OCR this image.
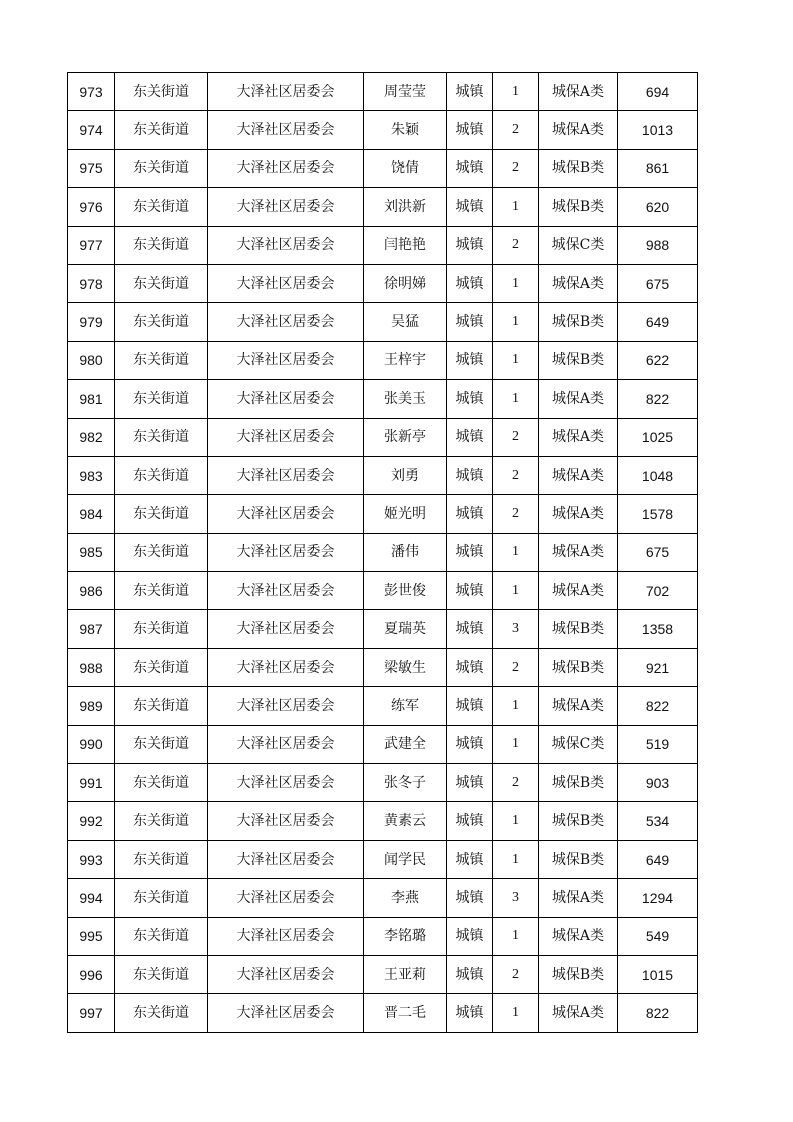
973	东关街道	大泽社区居委会	周莹莹	城镇	1	城保A类	694
974	东关街道	大泽社区居委会	朱颖	城镇	2	城保A类	1013
975	东关街道	大泽社区居委会	饶倩	城镇	2	城保B类	861
976	东关街道	大泽社区居委会	刘洪新	城镇	1	城保B类	620
977	东关街道	大泽社区居委会	闫艳艳	城镇	2	城保C类	988
978	东关街道	大泽社区居委会	徐明娣	城镇	1	城保A类	675
979	东关街道	大泽社区居委会	吴猛	城镇	1	城保B类	649
980	东关街道	大泽社区居委会	王梓宇	城镇	1	城保B类	622
981	东关街道	大泽社区居委会	张美玉	城镇	1	城保A类	822
982	东关街道	大泽社区居委会	张新亭	城镇	2	城保A类	1025
983	东关街道	大泽社区居委会	刘勇	城镇	2	城保A类	1048
984	东关街道	大泽社区居委会	姬光明	城镇	2	城保A类	1578
985	东关街道	大泽社区居委会	潘伟	城镇	1	城保A类	675
986	东关街道	大泽社区居委会	彭世俊	城镇	1	城保A类	702
987	东关街道	大泽社区居委会	夏瑞英	城镇	3	城保B类	1358
988	东关街道	大泽社区居委会	梁敏生	城镇	2	城保B类	921
989	东关街道	大泽社区居委会	练军	城镇	1	城保A类	822
990	东关街道	大泽社区居委会	武建全	城镇	1	城保C类	519
991	东关街道	大泽社区居委会	张冬子	城镇	2	城保B类	903
992	东关街道	大泽社区居委会	黄素云	城镇	1	城保B类	534
993	东关街道	大泽社区居委会	闻学民	城镇	1	城保B类	649
994	东关街道	大泽社区居委会	李燕	城镇	3	城保A类	1294
995	东关街道	大泽社区居委会	李铭璐	城镇	1	城保A类	549
996	东关街道	大泽社区居委会	王亚莉	城镇	2	城保B类	1015
997	东关街道	大泽社区居委会	晋二毛	城镇	1	城保A类	822
